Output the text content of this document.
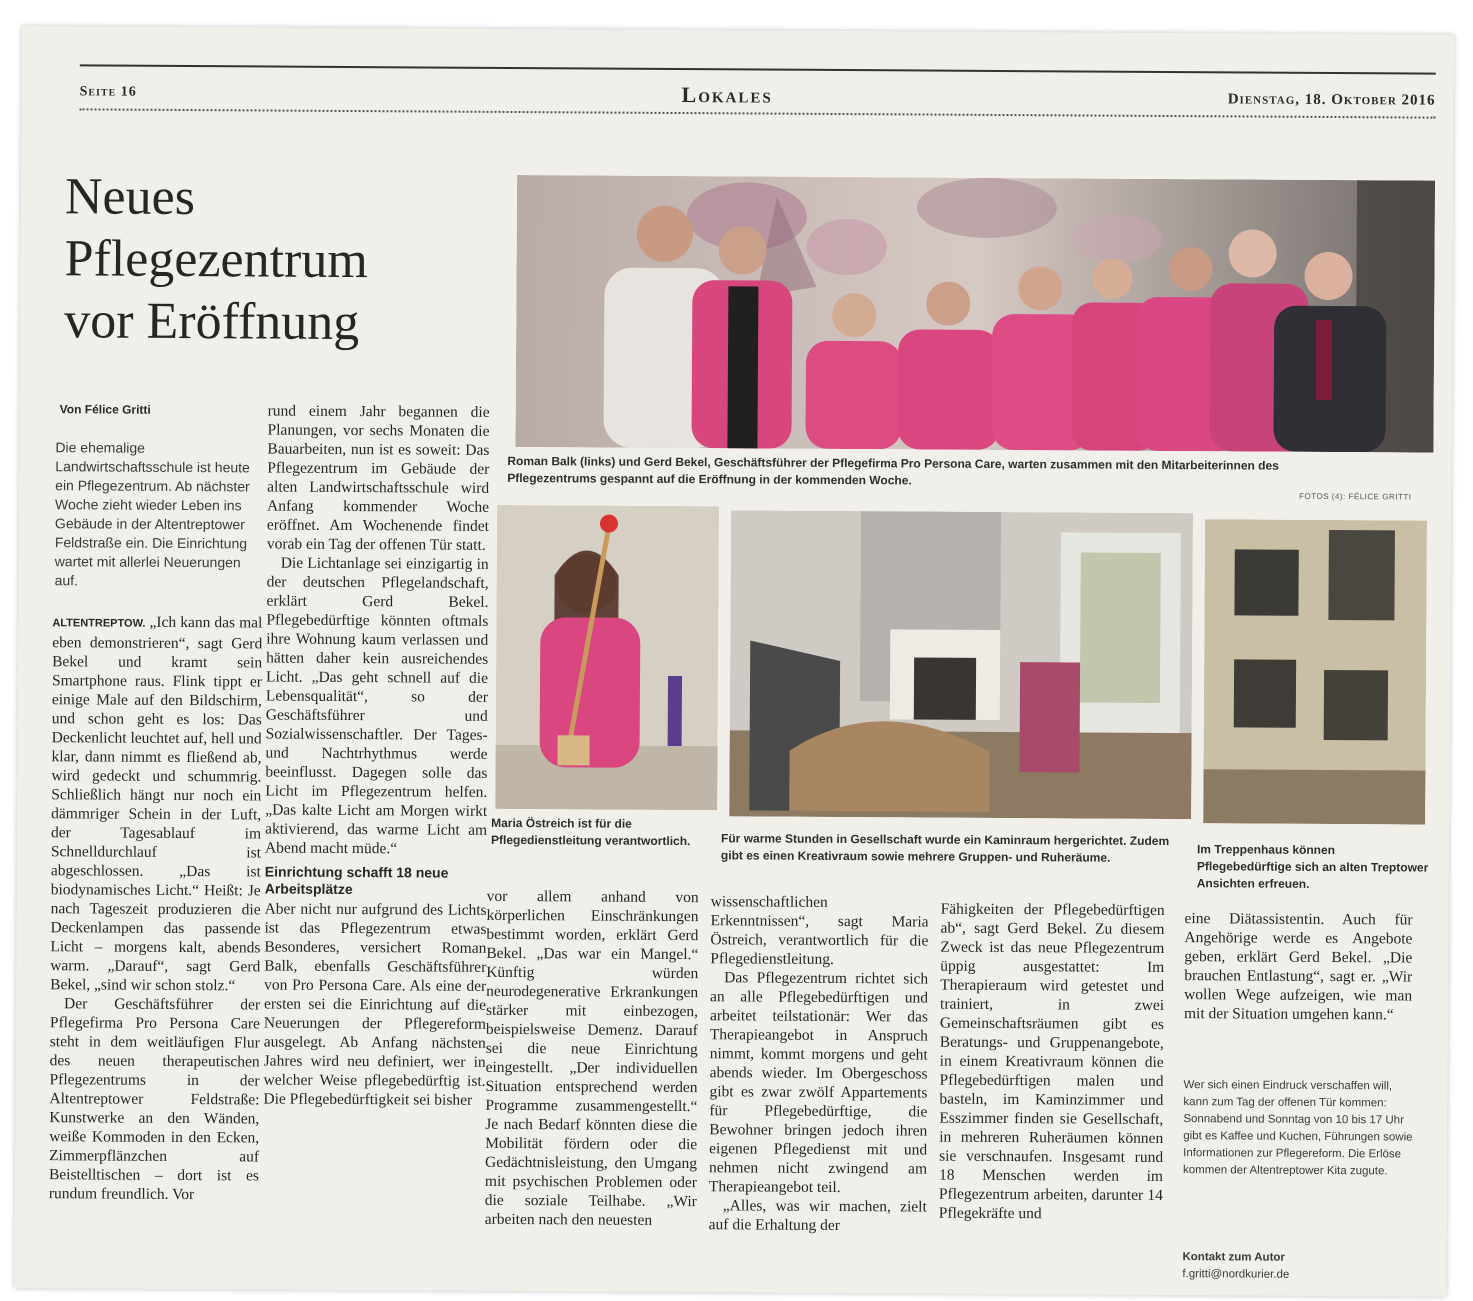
Seite 16	Lokales	Dienstag, 18. Oktober 2016
Neues
Pflegezentrum
vor Eröffnung
Von Félice Gritti
Die ehemalige Landwirtschaftsschule ist heute ein Pflegezentrum. Ab nächster Woche zieht wieder Leben ins Gebäude in der Altentreptower Feldstraße ein. Die Einrichtung wartet mit allerlei Neuerungen auf.

ALTENTREPTOW. „Ich kann das mal eben demonstrieren“, sagt Gerd Bekel und kramt sein Smartphone raus. Flink tippt er einige Male auf den Bildschirm, und schon geht es los: Das Deckenlicht leuchtet auf, hell und klar, dann nimmt es fließend ab, wird gedeckt und schummrig. Schließlich hängt nur noch ein dämmriger Schein in der Luft, der Tagesablauf im Schnelldurchlauf ist abgeschlossen. „Das ist biodynamisches Licht.“ Heißt: Je nach Tageszeit produzieren die Deckenlampen das passende Licht – morgens kalt, abends warm. „Darauf“, sagt Gerd Bekel, „sind wir schon stolz.“

Der Geschäftsführer der Pflegefirma Pro Persona Care steht in dem weitläufigen Flur des neuen therapeutischen Pflegezentrums in der Altentreptower Feldstraße: Kunstwerke an den Wänden, weiße Kommoden in den Ecken, Zimmerpflänzchen auf Beistelltischen – dort ist es rundum freundlich. Vor

rund einem Jahr begannen die Planungen, vor sechs Monaten die Bauarbeiten, nun ist es soweit: Das Pflegezentrum im Gebäude der alten Landwirtschaftsschule wird Anfang kommender Woche eröffnet. Am Wochenende findet vorab ein Tag der offenen Tür statt.

Die Lichtanlage sei einzigartig in der deutschen Pflegelandschaft, erklärt Gerd Bekel. Pflegebedürftige könnten oftmals ihre Wohnung kaum verlassen und hätten daher kein ausreichendes Licht. „Das geht schnell auf die Lebensqualität“, so der Geschäftsführer und Sozialwissenschaftler. Der Tages- und Nachtrhythmus werde beeinflusst. Dagegen solle das Licht im Pflegezentrum helfen. „Das kalte Licht am Morgen wirkt aktivierend, das warme Licht am Abend macht müde.“

Einrichtung schafft 18 neue Arbeitsplätze

Aber nicht nur aufgrund des Lichts ist das Pflegezentrum etwas Besonderes, versichert Roman Balk, ebenfalls Geschäftsführer von Pro Persona Care. Als eine der ersten sei die Einrichtung auf die Neuerungen der Pflegereform ausgelegt. Ab Anfang nächsten Jahres wird neu definiert, wer in welcher Weise pflegebedürftig ist. Die Pflegebedürftigkeit sei bisher

Roman Balk (links) und Gerd Bekel, Geschäftsführer der Pflegefirma Pro Persona Care, warten zusammen mit den Mitarbeiterinnen des Pflegezentrums gespannt auf die Eröffnung in der kommenden Woche.
FOTOS (4): FÉLICE GRITTI
Maria Östreich ist für die Pflegedienstleitung verantwortlich.	Für warme Stunden in Gesellschaft wurde ein Kaminraum hergerichtet. Zudem gibt es einen Kreativraum sowie mehrere Gruppen- und Ruheräume.	Im Treppenhaus können Pflegebedürftige sich an alten Treptower Ansichten erfreuen.

vor allem anhand von körperlichen Einschränkungen bestimmt worden, erklärt Gerd Bekel. „Das war ein Mangel.“ Künftig würden neurodegenerative Erkrankungen stärker mit einbezogen, beispielsweise Demenz. Darauf sei die neue Einrichtung eingestellt. „Der individuellen Situation entsprechend werden Programme zusammengestellt.“ Je nach Bedarf könnten diese die Mobilität fördern oder die Gedächtnisleistung, den Umgang mit psychischen Problemen oder die soziale Teilhabe. „Wir arbeiten nach den neuesten

wissenschaftlichen Erkenntnissen“, sagt Maria Östreich, verantwortlich für die Pflegedienstleitung.

Das Pflegezentrum richtet sich an alle Pflegebedürftigen und arbeitet teilstationär: Wer das Therapieangebot in Anspruch nimmt, kommt morgens und geht abends wieder. Im Obergeschoss gibt es zwar zwölf Appartements für Pflegebedürftige, die Bewohner bringen jedoch ihren eigenen Pflegedienst mit und nehmen nicht zwingend am Therapieangebot teil.

„Alles, was wir machen, zielt auf die Erhaltung der

Fähigkeiten der Pflegebedürftigen ab“, sagt Gerd Bekel. Zu diesem Zweck ist das neue Pflegezentrum üppig ausgestattet: Im Therapieraum wird getestet und trainiert, in zwei Gemeinschaftsräumen gibt es Beratungs- und Gruppenangebote, in einem Kreativraum können die Pflegebedürftigen malen und basteln, im Kaminzimmer und Esszimmer finden sie Gesellschaft, in mehreren Ruheräumen können sie verschnaufen. Insgesamt rund 18 Menschen werden im Pflegezentrum arbeiten, darunter 14 Pflegekräfte und

eine Diätassistentin. Auch für Angehörige werde es Angebote geben, erklärt Gerd Bekel. „Die brauchen Entlastung“, sagt er. „Wir wollen Wege aufzeigen, wie man mit der Situation umgehen kann.“

Wer sich einen Eindruck verschaffen will, kann zum Tag der offenen Tür kommen: Sonnabend und Sonntag von 10 bis 17 Uhr gibt es Kaffee und Kuchen, Führungen sowie Informationen zur Pflegereform. Die Erlöse kommen der Altentreptower Kita zugute.
Kontakt zum Autor
f.gritti@nordkurier.de
